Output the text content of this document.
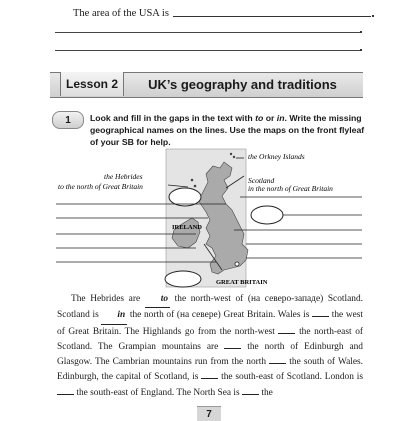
The area of the USA is
Lesson 2	UK’s geography and traditions
1	Look and fill in the gaps in the text with to or in. Write the missing geographical names on the lines. Use the maps on the front flyleaf of your SB for help.
the Orkney Islands
the Hebrides
to the north of Great Britain
Scotland
in the north of Great Britain
IRELAND
GREAT BRITAIN

The Hebrides are to the north-west of (на северо-западе) Scotland. Scotland is in the north of (на севере) Great Britain. Wales is  the west of Great Britain. The Highlands go from the north-west  the north-east of Scotland. The Grampian mountains are  the north of Edinburgh and Glasgow. The Cambrian mountains run from the north  the south of Wales. Edinburgh, the capital of Scotland, is  the south-east of Scotland. London is  the south-east of England. The North Sea is  the

7
